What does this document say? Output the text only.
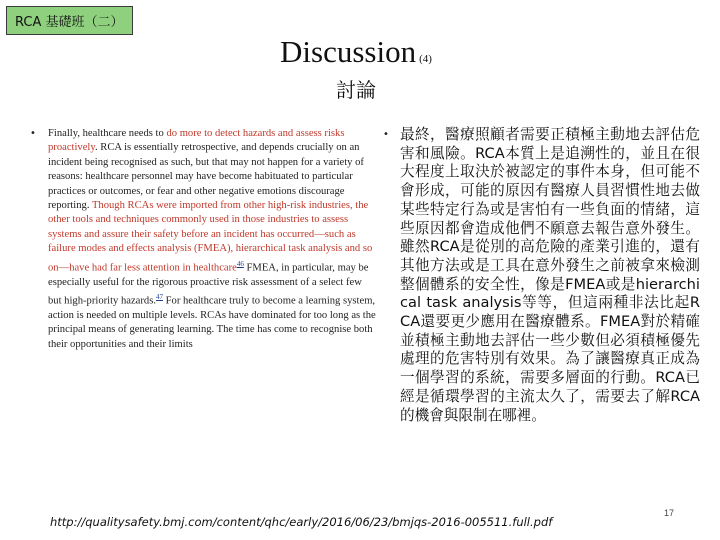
RCA 基礎班（二）
Discussion (4)
討論
• Finally, healthcare needs to do more to detect hazards and assess risks proactively. RCA is essentially retrospective, and depends crucially on an incident being recognised as such, but that may not happen for a variety of reasons: healthcare personnel may have become habituated to particular practices or outcomes, or fear and other negative emotions discourage reporting. Though RCAs were imported from other high-risk industries, the other tools and techniques commonly used in those industries to assess systems and assure their safety before an incident has occurred—such as failure modes and effects analysis (FMEA), hierarchical task analysis and so on—have had far less attention in healthcare$^{46}$ FMEA, in particular, may be especially useful for the rigorous proactive risk assessment of a select few but high-priority hazards.$^{47}$ For healthcare truly to become a learning system, action is needed on multiple levels. RCAs have dominated for too long as the principal means of generating learning. The time has come to recognise both their opportunities and their limits
• 最終，醫療照顧者需要正積極主動地去評估危害和風險。RCA本質上是追溯性的，並且在很大程度上取決於被認定的事件本身，但可能不會形成，可能的原因有醫療人員習慣性地去做某些特定行為或是害怕有一些負面的情緒，這些原因都會造成他們不願意去報告意外發生。雖然RCA是從別的高危險的產業引進的，還有其他方法或是工具在意外發生之前被拿來檢測整個體系的安全性，像是FMEA或是hierarchical task analysis等等，但這兩種非法比起RCA還要更少應用在醫療體系。FMEA對於精確並積極主動地去評估一些少數但必須積極優先處理的危害特別有效果。為了讓醫療真正成為一個學習的系統，需要多層面的行動。RCA已經是循環學習的主流太久了，需要去了解RCA的機會與限制在哪裡。
http://qualitysafety.bmj.com/content/qhc/early/2016/06/23/bmjqs-2016-005511.full.pdf
17
